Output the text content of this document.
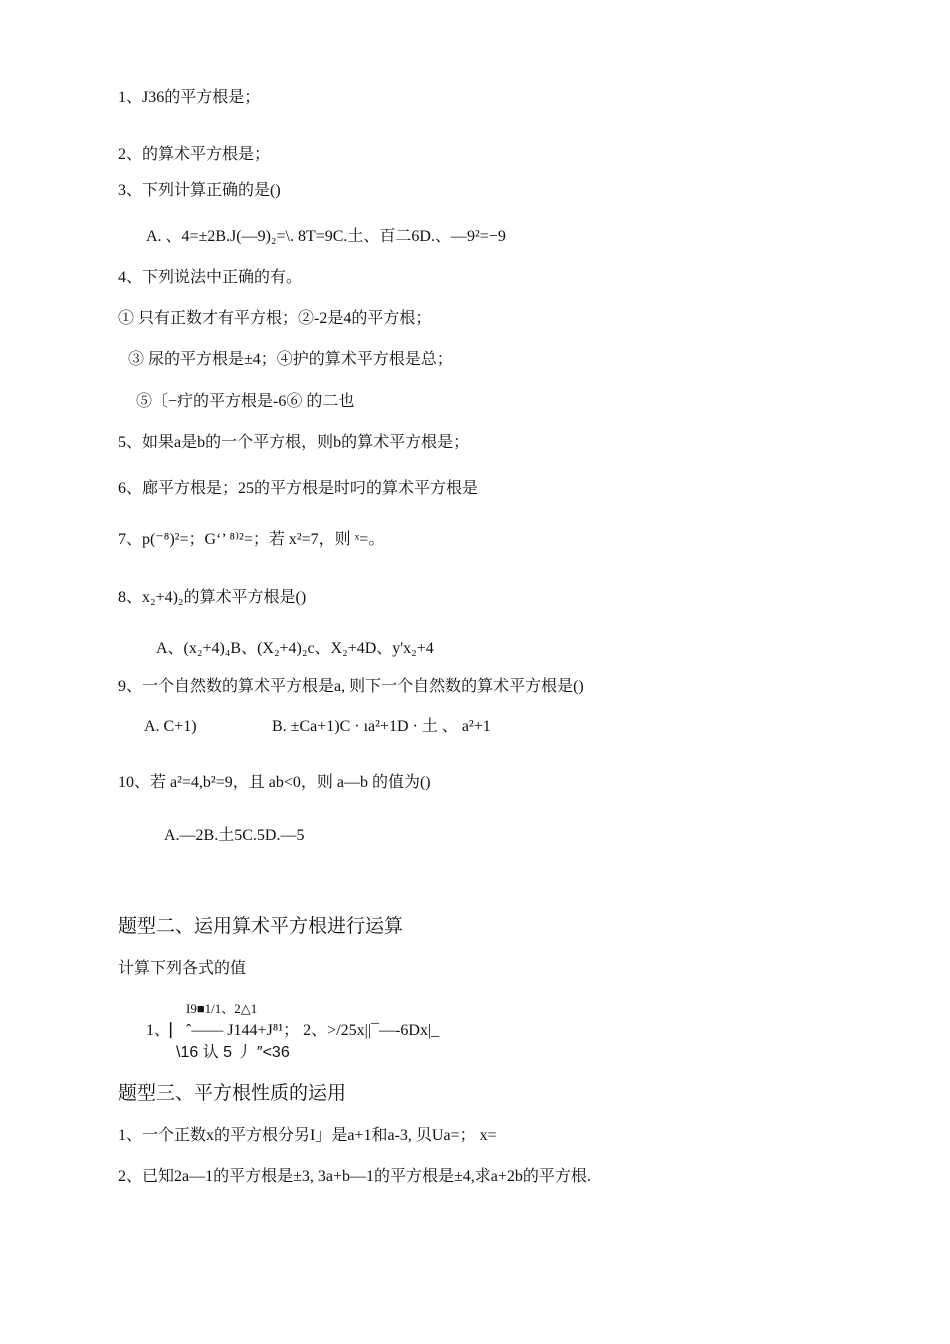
1、J36的平方根是；
2、的算术平方根是；
3、下列计算正确的是()
A. 、4=±2B.J(—9)₂=\. 8T=9C.土、百二6D.、—9²=−9
4、下列说法中正确的有。
① 只有正数才有平方根；②-2是4的平方根；
③ 尿的平方根是±4；④护的算术平方根是总；
⑤〔−疔的平方根是-6⑥ 的二也
5、如果a是b的一个平方根，则b的算术平方根是；
6、廊平方根是；25的平方根是时叼的算术平方根是
7、p(⁻⁸)²=；G‘’ ⁸⁾²=；若 x²=7，则 ˣ=。
8、x₂+4)₂的算术平方根是()
A、(x₂+4)₄B、(X₂+4)₂c、X₂+4D、y'x₂+4
9、一个自然数的算术平方根是a, 则下一个自然数的算术平方根是()
A. C+1)	B. ±Ca+1)C · ıa²+1D · 土 、 a²+1
10、若 a²=4,b²=9，且 ab<0，则 a—b 的值为()
A.—2B.土5C.5D.—5
题型二、运用算术平方根进行运算
计算下列各式的值
I9■1/1、2△1
1、⎸ˆ—— J144+J⁸¹； 2、>/25x||¯—-6Dx|_
\16 认 5 丿 ″<36
题型三、平方根性质的运用
1、一个正数x的平方根分另I」是a+1和a-3, 贝Ua=； x=
2、已知2a—1的平方根是±3, 3a+b—1的平方根是±4,求a+2b的平方根.
